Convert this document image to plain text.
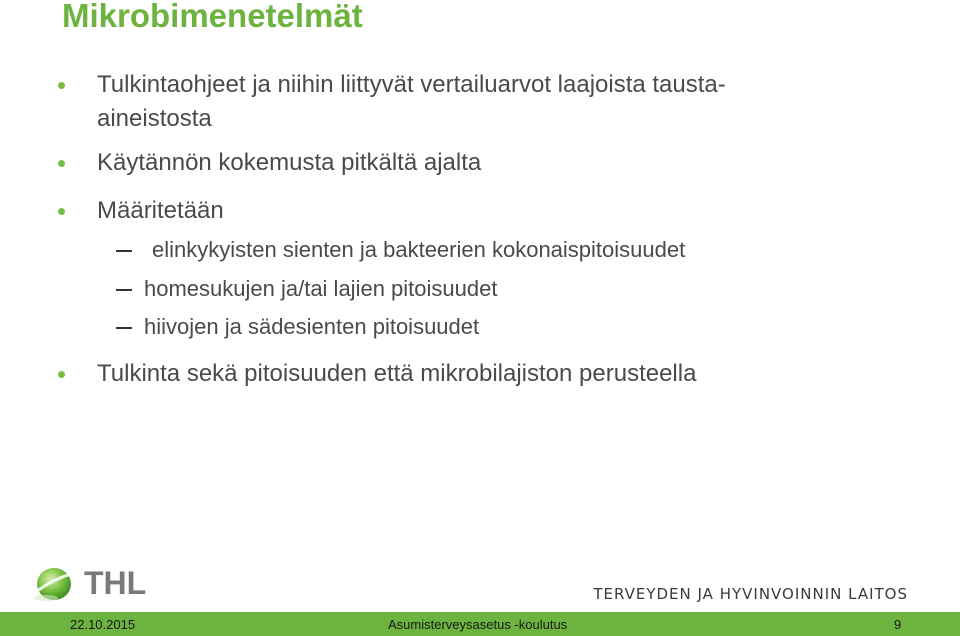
Mikrobimenetelmät
Tulkintaohjeet ja niihin liittyvät vertailuarvot laajoista tausta-
aineistosta
Käytännön kokemusta pitkältä ajalta
Määritetään
elinkykyisten sienten ja bakteerien kokonaispitoisuudet
homesukujen ja/tai lajien pitoisuudet
hiivojen ja sädesienten pitoisuudet
Tulkinta sekä pitoisuuden että mikrobilajiston perusteella
THL	TERVEYDEN JA HYVINVOINNIN LAITOS
22.10.2015	Asumisterveysasetus -koulutus	9
